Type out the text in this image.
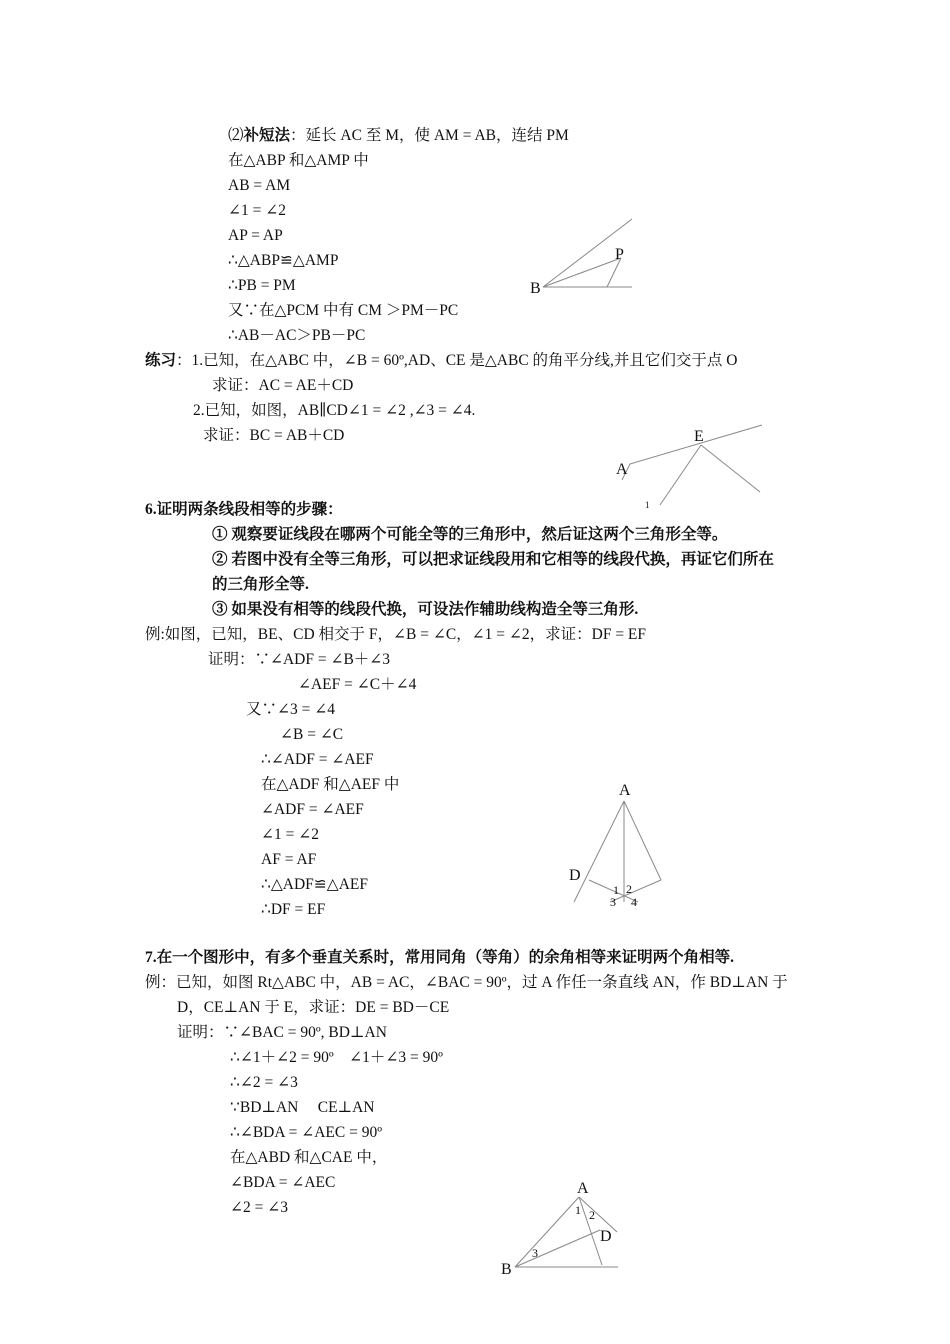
⑵补短法：延长 AC 至 M，使 AM = AB，连结 PM
在△ABP 和△AMP 中
AB = AM
∠1 = ∠2
AP = AP
∴△ABP≌△AMP
∴PB = PM
又∵在△PCM 中有 CM ＞PM－PC
∴AB－AC＞PB－PC
P
B
练习：1.已知，在△ABC 中，∠B = 60º,AD、CE 是△ABC 的角平分线,并且它们交于点 O
求证：AC = AE＋CD
2.已知，如图，AB∥CD∠1 = ∠2 ,∠3 = ∠4.
求证：BC = AB＋CD	E
A
1
6.证明两条线段相等的步骤：
① 观察要证线段在哪两个可能全等的三角形中，然后证这两个三角形全等。
② 若图中没有全等三角形，可以把求证线段用和它相等的线段代换，再证它们所在
的三角形全等.
③ 如果没有相等的线段代换，可设法作辅助线构造全等三角形.
例:如图，已知，BE、CD 相交于 F，∠B = ∠C，∠1 = ∠2，求证：DF = EF
证明：∵∠ADF = ∠B＋∠3
∠AEF = ∠C＋∠4
又∵∠3 = ∠4
∠B = ∠C
∴∠ADF = ∠AEF
在△ADF 和△AEF 中
∠ADF = ∠AEF
∠1 = ∠2
AF = AF
∴△ADF≌△AEF
∴DF = EF
A
D
1 2
3 4
7.在一个图形中，有多个垂直关系时，常用同角（等角）的余角相等来证明两个角相等.
例：已知，如图 Rt△ABC 中，AB = AC，∠BAC = 90º，过 A 作任一条直线 AN，作 BD⊥AN 于
D，CE⊥AN 于 E，求证：DE = BD－CE
证明：∵∠BAC = 90º, BD⊥AN
∴∠1＋∠2 = 90º　∠1＋∠3 = 90º
∴∠2 = ∠3
∵BD⊥AN　 CE⊥AN
∴∠BDA = ∠AEC = 90º
在△ABD 和△CAE 中，
∠BDA = ∠AEC
∠2 = ∠3
A
1 2
D
3
B
